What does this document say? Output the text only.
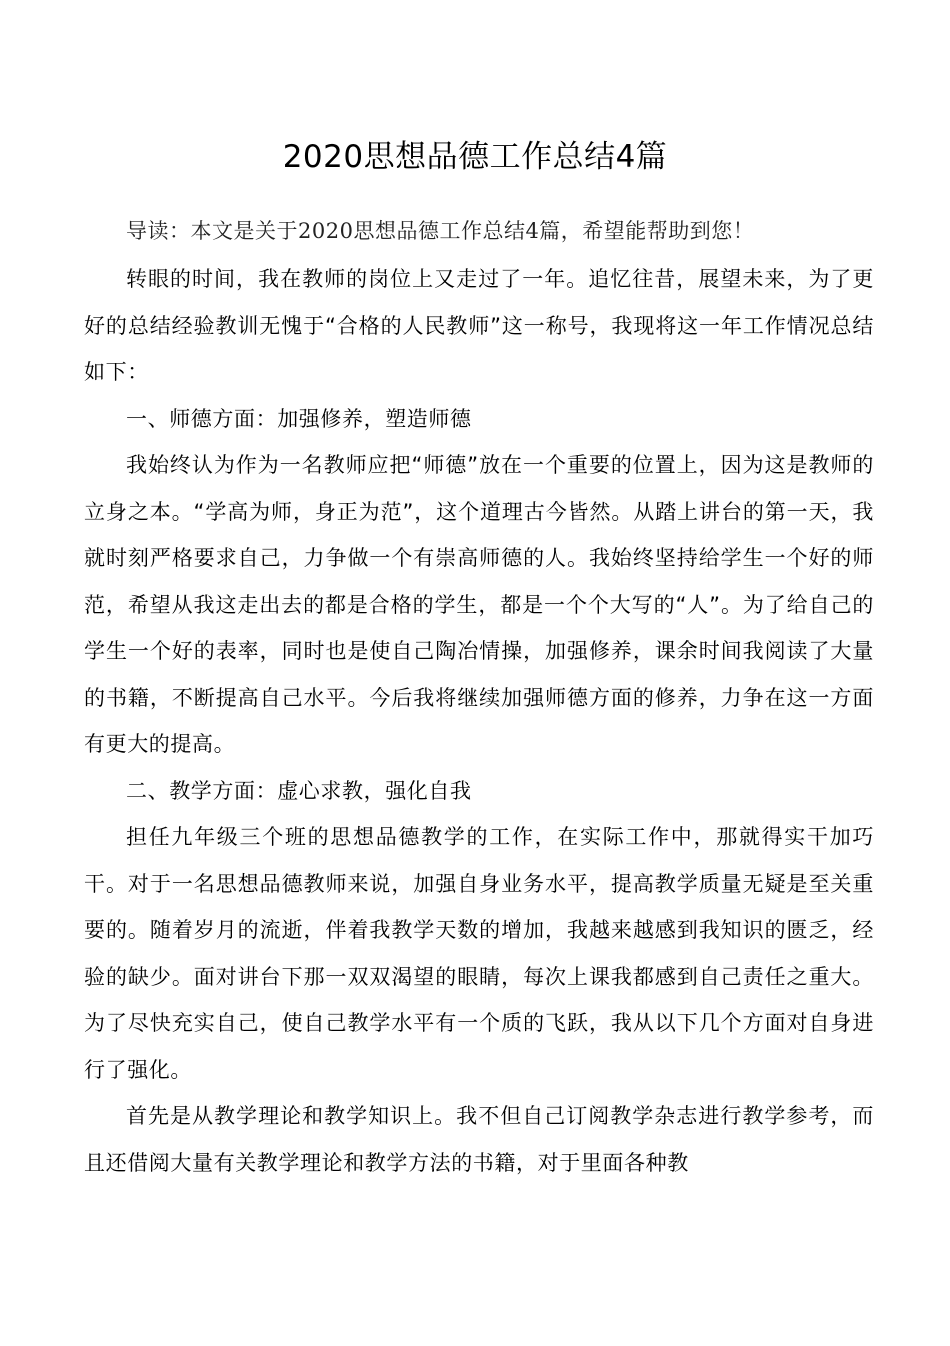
2020思想品德工作总结4篇

导读：本文是关于2020思想品德工作总结4篇，希望能帮助到您！

转眼的时间，我在教师的岗位上又走过了一年。追忆往昔，展望未来，为了更好的总结经验教训无愧于“合格的人民教师”这一称号，我现将这一年工作情况总结如下：

一、师德方面：加强修养，塑造师德

我始终认为作为一名教师应把“师德”放在一个重要的位置上，因为这是教师的立身之本。“学高为师，身正为范”，这个道理古今皆然。从踏上讲台的第一天，我就时刻严格要求自己，力争做一个有崇高师德的人。我始终坚持给学生一个好的师范，希望从我这走出去的都是合格的学生，都是一个个大写的“人”。为了给自己的学生一个好的表率，同时也是使自己陶冶情操，加强修养，课余时间我阅读了大量的书籍，不断提高自己水平。今后我将继续加强师德方面的修养，力争在这一方面有更大的提高。

二、教学方面：虚心求教，强化自我

担任九年级三个班的思想品德教学的工作，在实际工作中，那就得实干加巧干。对于一名思想品德教师来说，加强自身业务水平，提高教学质量无疑是至关重要的。随着岁月的流逝，伴着我教学天数的增加，我越来越感到我知识的匮乏，经验的缺少。面对讲台下那一双双渴望的眼睛，每次上课我都感到自己责任之重大。为了尽快充实自己，使自己教学水平有一个质的飞跃，我从以下几个方面对自身进行了强化。

首先是从教学理论和教学知识上。我不但自己订阅教学杂志进行教学参考，而且还借阅大量有关教学理论和教学方法的书籍，对于里面各种教
